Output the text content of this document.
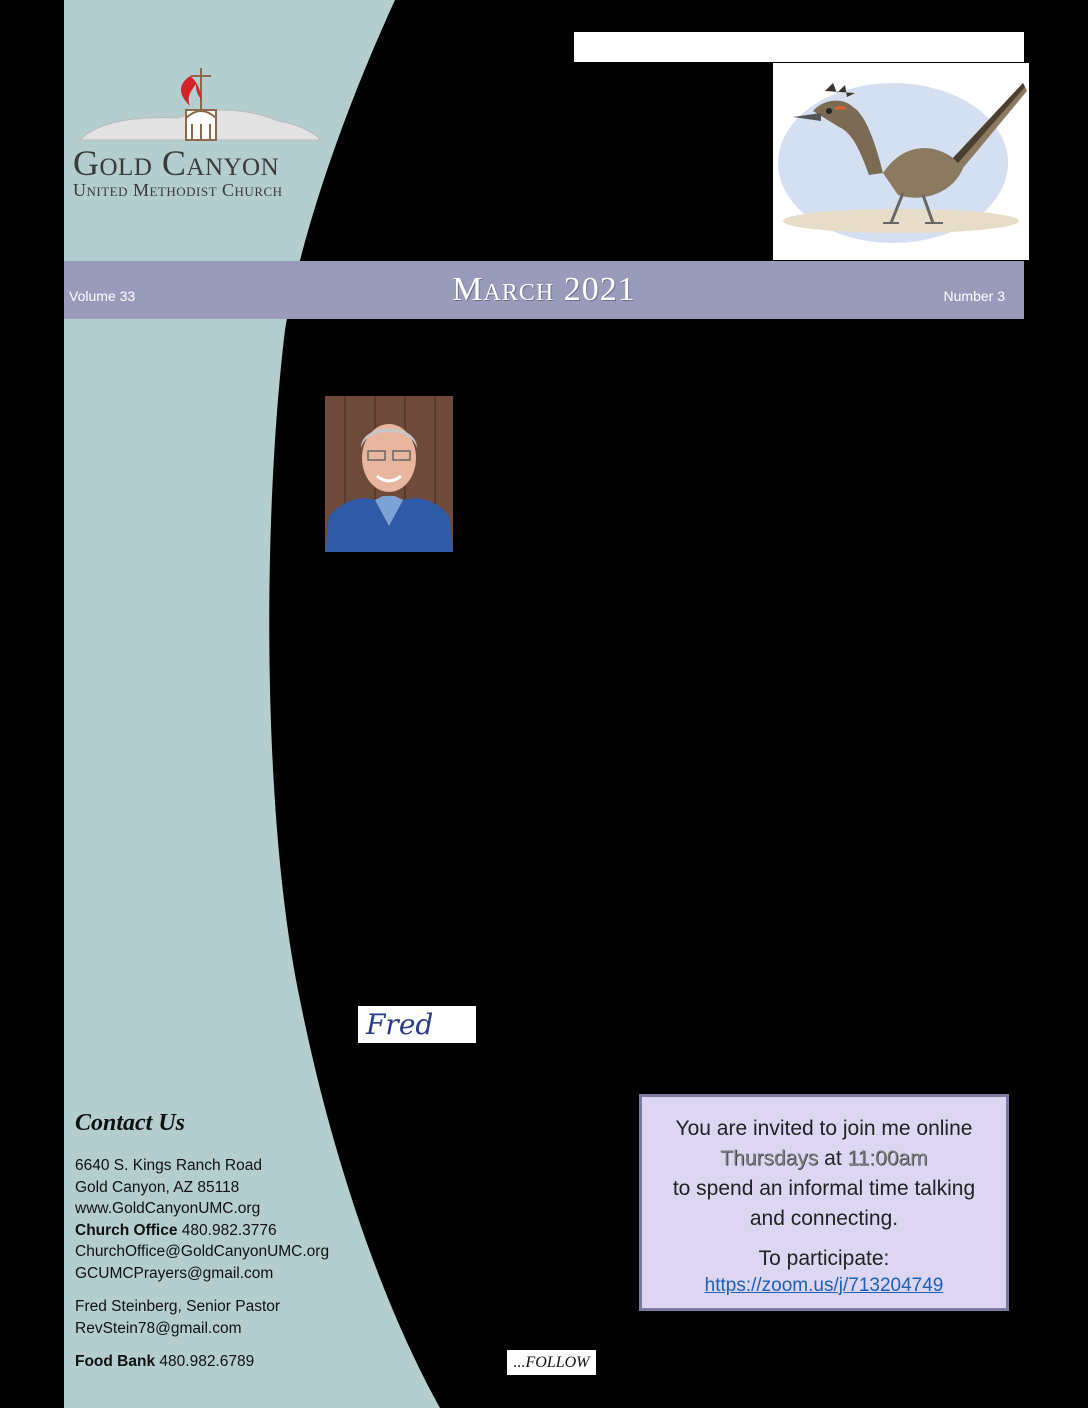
Gold Canyon
United Methodist Church
Volume 33	March 2021	Number 3
Fred
Contact Us
6640 S. Kings Ranch Road
Gold Canyon, AZ 85118
www.GoldCanyonUMC.org
Church Office 480.982.3776
ChurchOffice@GoldCanyonUMC.org
GCUMCPrayers@gmail.com
Fred Steinberg, Senior Pastor
RevStein78@gmail.com
Food Bank 480.982.6789
You are invited to join me online
Thursdays at 11:00am
to spend an informal time talking
and connecting.
To participate:
https://zoom.us/j/713204749
...FOLLOW
